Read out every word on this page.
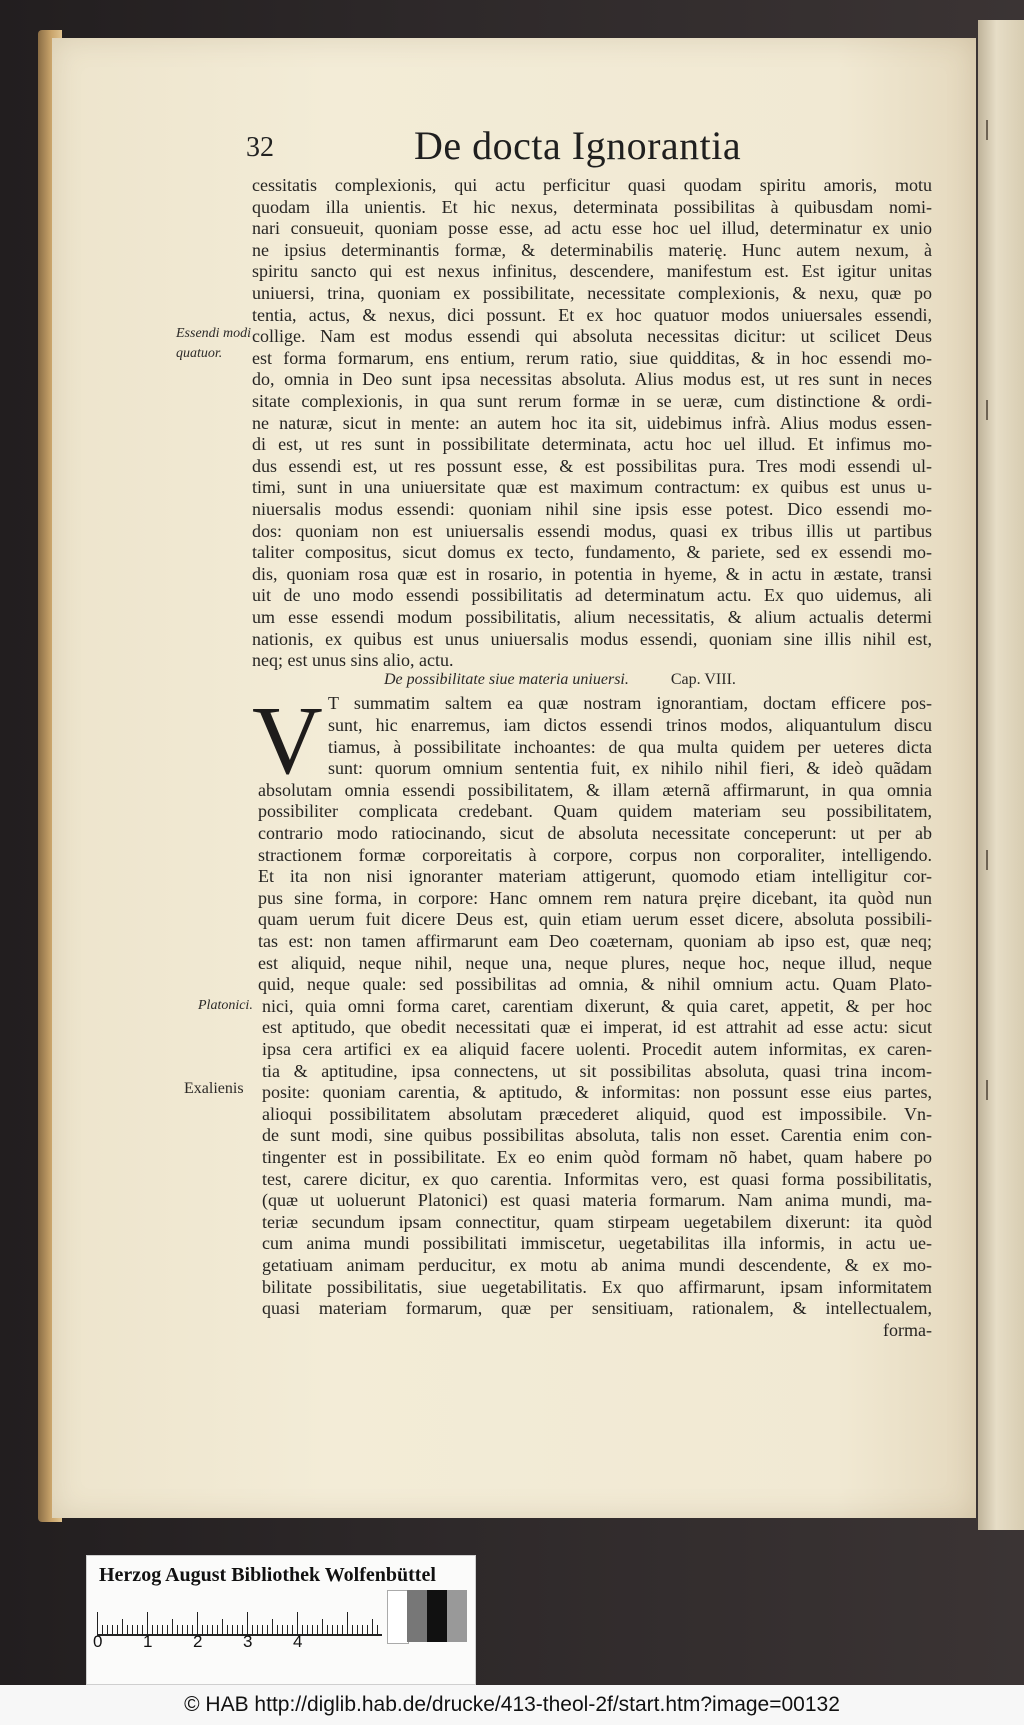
32	De docta Ignorantia
cessitatis complexionis, qui actu perficitur quasi quodam spiritu amoris, motu
quodam illa unientis. Et hic nexus, determinata possibilitas à quibusdam nomi-
nari consueuit, quoniam posse esse, ad actu esse hoc uel illud, determinatur ex unio
ne ipsius determinantis formæ, & determinabilis materię. Hunc autem nexum, à
spiritu sancto qui est nexus infinitus, descendere, manifestum est. Est igitur unitas
uniuersi, trina, quoniam ex possibilitate, necessitate complexionis, & nexu, quæ po
tentia, actus, & nexus, dici possunt. Et ex hoc quatuor modos uniuersales essendi,
collige. Nam est modus essendi qui absoluta necessitas dicitur: ut scilicet Deus
est forma formarum, ens entium, rerum ratio, siue quidditas, & in hoc essendi mo-
do, omnia in Deo sunt ipsa necessitas absoluta. Alius modus est, ut res sunt in neces
sitate complexionis, in qua sunt rerum formæ in se ueræ, cum distinctione & ordi-
ne naturæ, sicut in mente: an autem hoc ita sit, uidebimus infrà. Alius modus essen-
di est, ut res sunt in possibilitate determinata, actu hoc uel illud. Et infimus mo-
dus essendi est, ut res possunt esse, & est possibilitas pura. Tres modi essendi ul-
timi, sunt in una uniuersitate quæ est maximum contractum: ex quibus est unus u-
niuersalis modus essendi: quoniam nihil sine ipsis esse potest. Dico essendi mo-
dos: quoniam non est uniuersalis essendi modus, quasi ex tribus illis ut partibus
taliter compositus, sicut domus ex tecto, fundamento, & pariete, sed ex essendi mo-
dis, quoniam rosa quæ est in rosario, in potentia in hyeme, & in actu in æstate, transi
uit de uno modo essendi possibilitatis ad determinatum actu. Ex quo uidemus, ali
um esse essendi modum possibilitatis, alium necessitatis, & alium actualis determi
nationis, ex quibus est unus uniuersalis modus essendi, quoniam sine illis nihil est,
neq; est unus sins alio, actu.
De possibilitate siue materia uniuersi.	Cap. VIII.
T summatim saltem ea quæ nostram ignorantiam, doctam efficere pos-
sunt, hic enarremus, iam dictos essendi trinos modos, aliquantulum discu
tiamus, à possibilitate inchoantes: de qua multa quidem per ueteres dicta
sunt: quorum omnium sententia fuit, ex nihilo nihil fieri, & ideò quãdam
absolutam omnia essendi possibilitatem, & illam æternã affirmarunt, in qua omnia
possibiliter complicata credebant. Quam quidem materiam seu possibilitatem,
contrario modo ratiocinando, sicut de absoluta necessitate conceperunt: ut per ab
stractionem formæ corporeitatis à corpore, corpus non corporaliter, intelligendo.
Et ita non nisi ignoranter materiam attigerunt, quomodo etiam intelligitur cor-
pus sine forma, in corpore: Hanc omnem rem natura pręire dicebant, ita quòd nun
quam uerum fuit dicere Deus est, quin etiam uerum esset dicere, absoluta possibili-
tas est: non tamen affirmarunt eam Deo coæternam, quoniam ab ipso est, quæ neq;
est aliquid, neque nihil, neque una, neque plures, neque hoc, neque illud, neque
quid, neque quale: sed possibilitas ad omnia, & nihil omnium actu. Quam Plato-
nici, quia omni forma caret, carentiam dixerunt, & quia caret, appetit, & per hoc
est aptitudo, que obedit necessitati quæ ei imperat, id est attrahit ad esse actu: sicut
ipsa cera artifici ex ea aliquid facere uolenti. Procedit autem informitas, ex caren-
tia & aptitudine, ipsa connectens, ut sit possibilitas absoluta, quasi trina incom-
posite: quoniam carentia, & aptitudo, & informitas: non possunt esse eius partes,
alioqui possibilitatem absolutam præcederet aliquid, quod est impossibile. Vn-
de sunt modi, sine quibus possibilitas absoluta, talis non esset. Carentia enim con-
tingenter est in possibilitate. Ex eo enim quòd formam nõ habet, quam habere po
test, carere dicitur, ex quo carentia. Informitas vero, est quasi forma possibilitatis,
(quæ ut uoluerunt Platonici) est quasi materia formarum. Nam anima mundi, ma-
teriæ secundum ipsam connectitur, quam stirpeam uegetabilem dixerunt: ita quòd
cum anima mundi possibilitati immiscetur, uegetabilitas illa informis, in actu ue-
getatiuam animam perducitur, ex motu ab anima mundi descendente, & ex mo-
bilitate possibilitatis, siue uegetabilitatis. Ex quo affirmarunt, ipsam informitatem
quasi materiam formarum, quæ per sensitiuam, rationalem, & intellectualem,
forma-
V
Essendi modi
quatuor.
Platonici.
Exalienis
Herzog August Bibliothek Wolfenbüttel
0 1 2 3 4
© HAB http://diglib.hab.de/drucke/413-theol-2f/start.htm?image=00132
